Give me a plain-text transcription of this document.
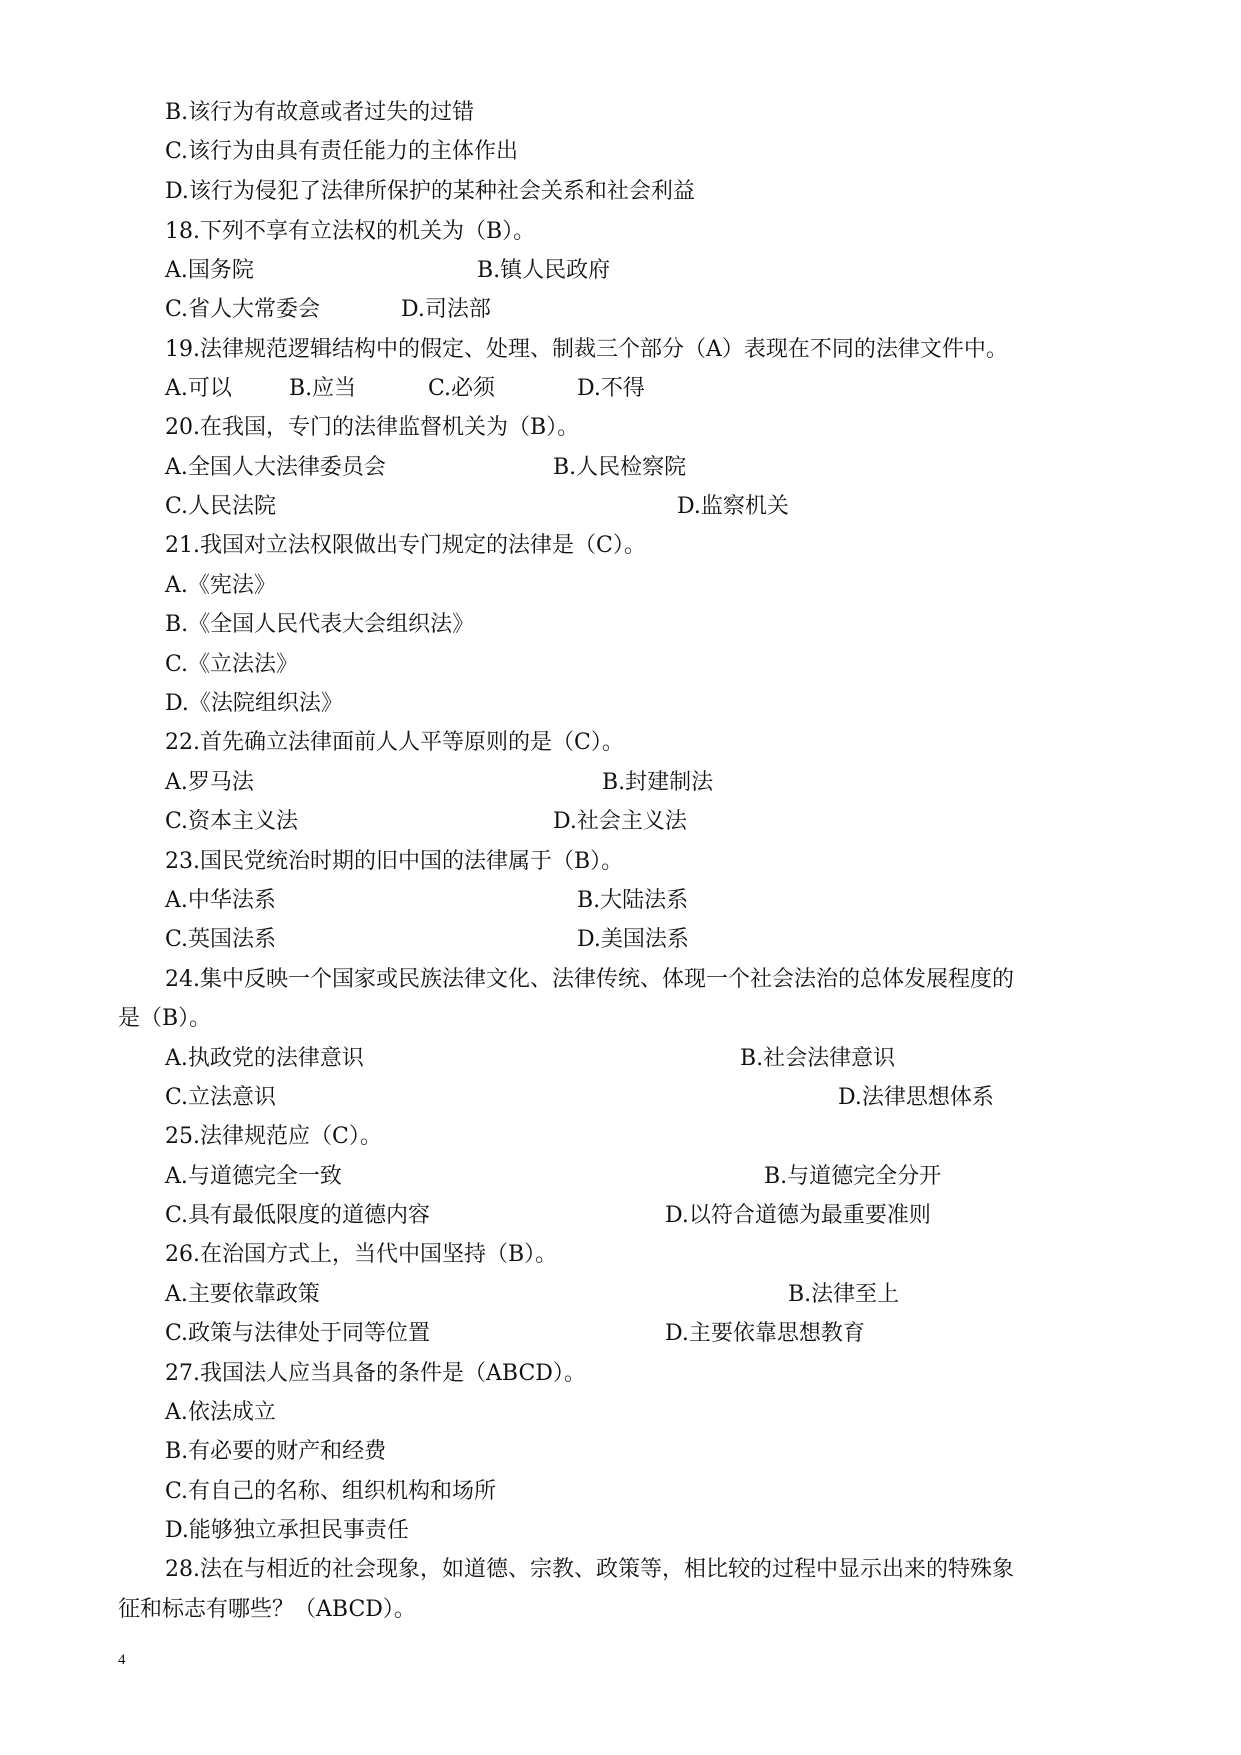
B.该行为有故意或者过失的过错
C.该行为由具有责任能力的主体作出
D.该行为侵犯了法律所保护的某种社会关系和社会利益
18.下列不享有立法权的机关为（B）。
A.国务院	B.镇人民政府
C.省人大常委会	D.司法部
19.法律规范逻辑结构中的假定、处理、制裁三个部分（A）表现在不同的法律文件中。
A.可以	B.应当	C.必须	D.不得
20.在我国，专门的法律监督机关为（B）。
A.全国人大法律委员会	B.人民检察院
C.人民法院	D.监察机关
21.我国对立法权限做出专门规定的法律是（C）。
A.《宪法》
B.《全国人民代表大会组织法》
C.《立法法》
D.《法院组织法》
22.首先确立法律面前人人平等原则的是（C）。
A.罗马法	B.封建制法
C.资本主义法	D.社会主义法
23.国民党统治时期的旧中国的法律属于（B）。
A.中华法系	B.大陆法系
C.英国法系	D.美国法系
24.集中反映一个国家或民族法律文化、法律传统、体现一个社会法治的总体发展程度的
是（B）。
A.执政党的法律意识	B.社会法律意识
C.立法意识	D.法律思想体系
25.法律规范应（C）。
A.与道德完全一致	B.与道德完全分开
C.具有最低限度的道德内容	D.以符合道德为最重要准则
26.在治国方式上，当代中国坚持（B）。
A.主要依靠政策	B.法律至上
C.政策与法律处于同等位置	D.主要依靠思想教育
27.我国法人应当具备的条件是（ABCD）。
A.依法成立
B.有必要的财产和经费
C.有自己的名称、组织机构和场所
D.能够独立承担民事责任
28.法在与相近的社会现象，如道德、宗教、政策等，相比较的过程中显示出来的特殊象
征和标志有哪些？（ABCD）。
4
